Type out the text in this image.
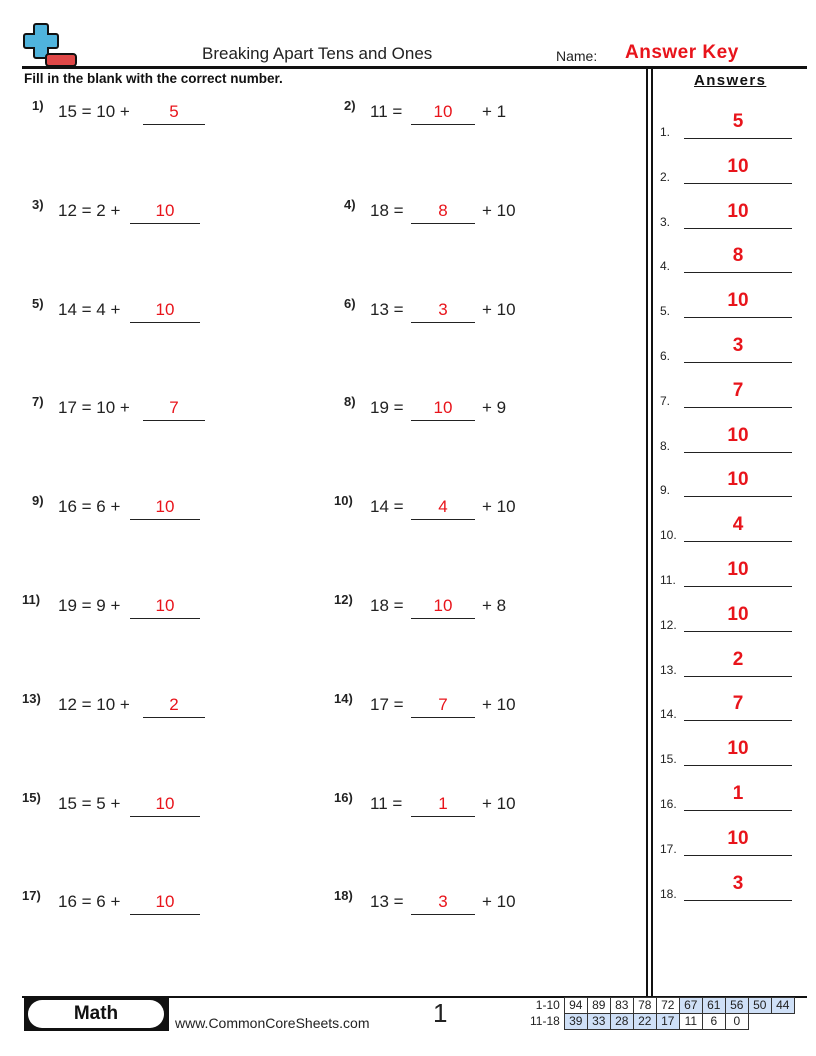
Breaking Apart Tens and Ones	Name: Answer Key
Fill in the blank with the correct number.	Answers
1) 15 = 10 +	5	2) 11 =	+ 1
10
3) 12 = 2 +	10	4) 18 =	+ 10
8
5) 14 = 4 +	10	6) 13 =	+ 10
3
7) 17 = 10 +	7	8) 19 =	+ 9
10
9) 16 = 6 +	10	10) 14 =	+ 10
4
11) 19 = 9 +	10	12) 18 =	+ 8
10
13) 12 = 10 +	2	14) 17 =	+ 10
7
15) 15 = 5 +	10	16) 11 =	+ 10
1
17) 16 = 6 +	10	18) 13 =	+ 10
3
1.	5
2.	10
3.	10
4.	8
5.	10
6.	3
7.	7
8.	10
9.	10
10.	4
11.	10
12.	10
13.	2
14.	7
15.	10
16.	1
17.	10
18.	3
Math	www.CommonCoreSheets.com 1	1-10	94	89	83	78	72	67	61	56	50	44
11-18	39	33	28	22	17	11	6	0		
